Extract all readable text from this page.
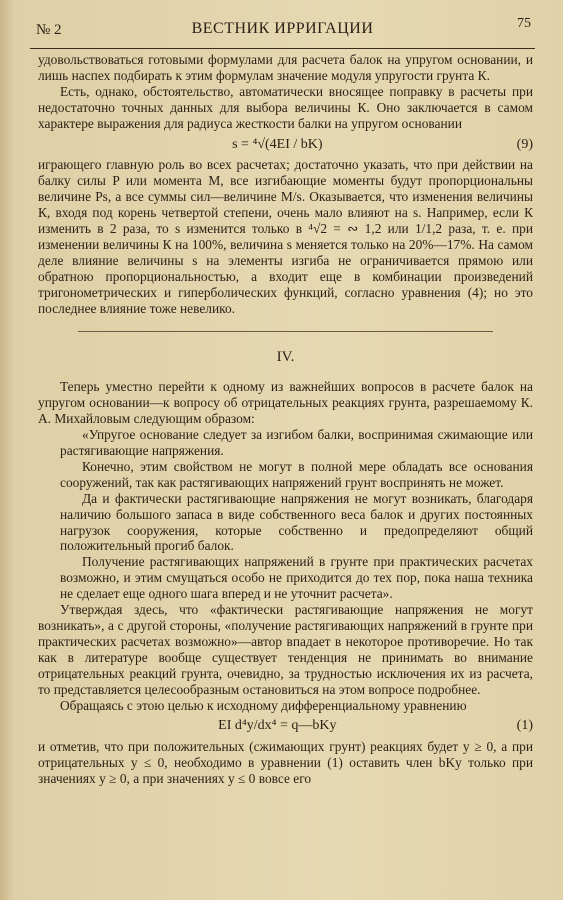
№ 2	ВЕСТНИК ИРРИГАЦИИ	75

удовольствоваться готовыми формулами для расчета балок на упругом основании, и лишь наспех подбирать к этим формулам значение модуля упругости грунта К.

Есть, однако, обстоятельство, автоматически вносящее поправку в расчеты при недостаточно точных данных для выбора величины К. Оно заключается в самом характере выражения для радиуса жесткости балки на упругом основании

s = ⁴√(4EI / bK)	(9)

играющего главную роль во всех расчетах; достаточно указать, что при действии на балку силы P или момента M, все изгибающие моменты будут пропорциональны величине Ps, а все суммы сил—величине M/s. Оказывается, что изменения величины К, входя под корень четвертой степени, очень мало влияют на s. Например, если К изменить в 2 раза, то s изменится только в ⁴√2 = ∾ 1,2 или 1/1,2 раза, т. е. при изменении величины К на 100%, величина s меняется только на 20%—17%. На самом деле влияние величины s на элементы изгиба не ограничивается прямою или обратною пропорциональностью, а входит еще в комбинации произведений тригонометрических и гиперболических функций, согласно уравнения (4); но это последнее влияние тоже невелико.

IV.

Теперь уместно перейти к одному из важнейших вопросов в расчете балок на упругом основании—к вопросу об отрицательных реакциях грунта, разрешаемому К. А. Михайловым следующим образом:

«Упругое основание следует за изгибом балки, воспринимая сжимающие или растягивающие напряжения.

Конечно, этим свойством не могут в полной мере обладать все основания сооружений, так как растягивающих напряжений грунт воспринять не может.

Да и фактически растягивающие напряжения не могут возникать, благодаря наличию большого запаса в виде собственного веса балок и других постоянных нагрузок сооружения, которые собственно и предопределяют общий положительный прогиб балок.

Получение растягивающих напряжений в грунте при практических расчетах возможно, и этим смущаться особо не приходится до тех пор, пока наша техника не сделает еще одного шага вперед и не уточнит расчета».

Утверждая здесь, что «фактически растягивающие напряжения не могут возникать», а с другой стороны, «получение растягивающих напряжений в грунте при практических расчетах возможно»—автор впадает в некоторое противоречие. Но так как в литературе вообще существует тенденция не принимать во внимание отрицательных реакций грунта, очевидно, за трудностью исключения их из расчета, то представляется целесообразным остановиться на этом вопросе подробнее.

Обращаясь с этою целью к исходному дифференциальному уравнению

EI d⁴y/dx⁴ = q—bKy	(1)

и отметив, что при положительных (сжимающих грунт) реакциях будет y ≥ 0, а при отрицательных y ≤ 0, необходимо в уравнении (1) оставить член bKy только при значениях y ≥ 0, а при значениях y ≤ 0 вовсе его
